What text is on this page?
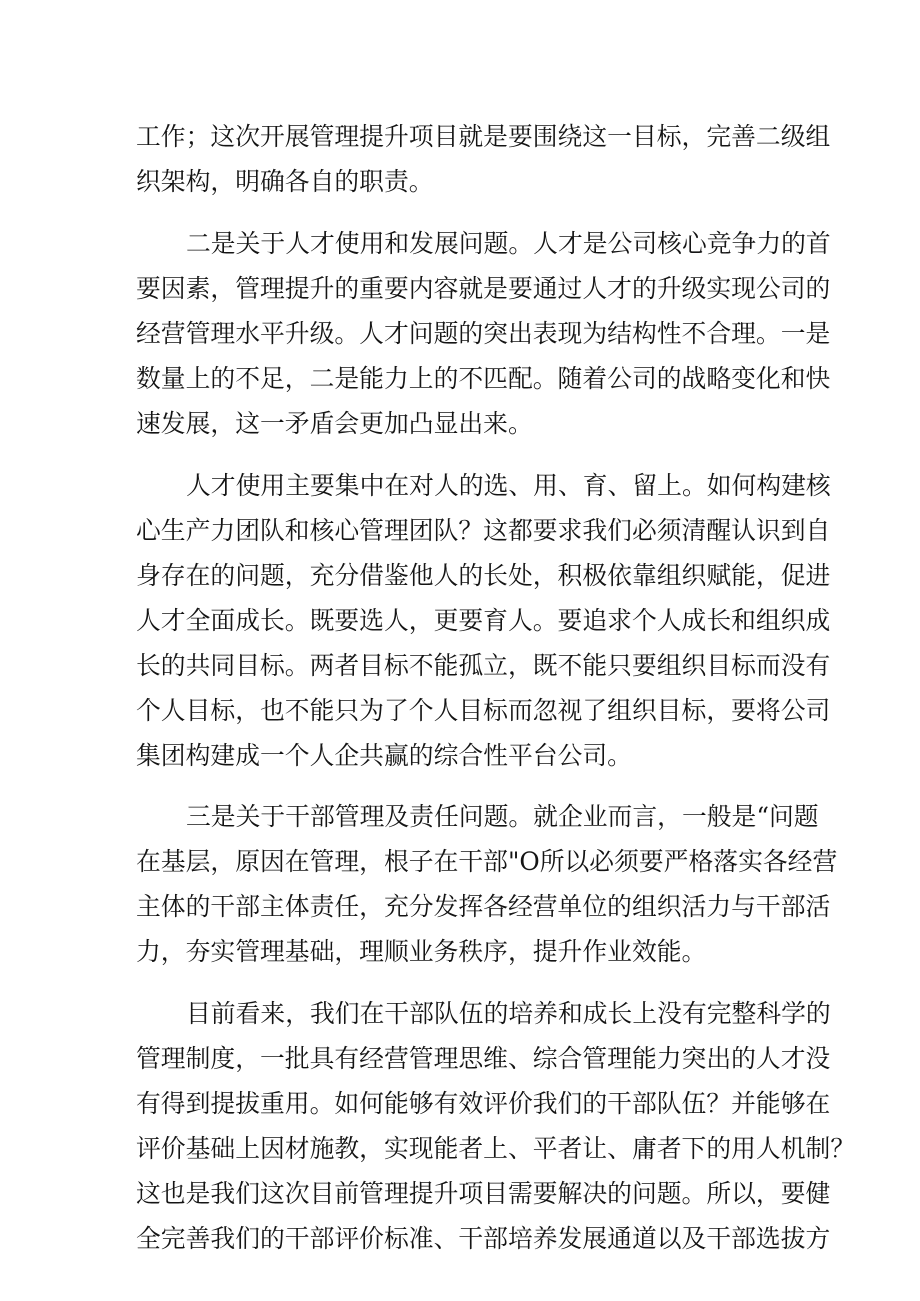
工作；这次开展管理提升项目就是要围绕这一目标，完善二级组
织架构，明确各自的职责。
二是关于人才使用和发展问题。人才是公司核心竞争力的首
要因素，管理提升的重要内容就是要通过人才的升级实现公司的
经营管理水平升级。人才问题的突出表现为结构性不合理。一是
数量上的不足，二是能力上的不匹配。随着公司的战略变化和快
速发展，这一矛盾会更加凸显出来。
人才使用主要集中在对人的选、用、育、留上。如何构建核
心生产力团队和核心管理团队？这都要求我们必须清醒认识到自
身存在的问题，充分借鉴他人的长处，积极依靠组织赋能，促进
人才全面成长。既要选人，更要育人。要追求个人成长和组织成
长的共同目标。两者目标不能孤立，既不能只要组织目标而没有
个人目标，也不能只为了个人目标而忽视了组织目标，要将公司
集团构建成一个人企共赢的综合性平台公司。
三是关于干部管理及责任问题。就企业而言，一般是“问题
在基层，原因在管理，根子在干部"O所以必须要严格落实各经营
主体的干部主体责任，充分发挥各经营单位的组织活力与干部活
力，夯实管理基础，理顺业务秩序，提升作业效能。
目前看来，我们在干部队伍的培养和成长上没有完整科学的
管理制度，一批具有经营管理思维、综合管理能力突出的人才没
有得到提拔重用。如何能够有效评价我们的干部队伍？并能够在
评价基础上因材施教，实现能者上、平者让、庸者下的用人机制？
这也是我们这次目前管理提升项目需要解决的问题。所以，要健
全完善我们的干部评价标准、干部培养发展通道以及干部选拔方
